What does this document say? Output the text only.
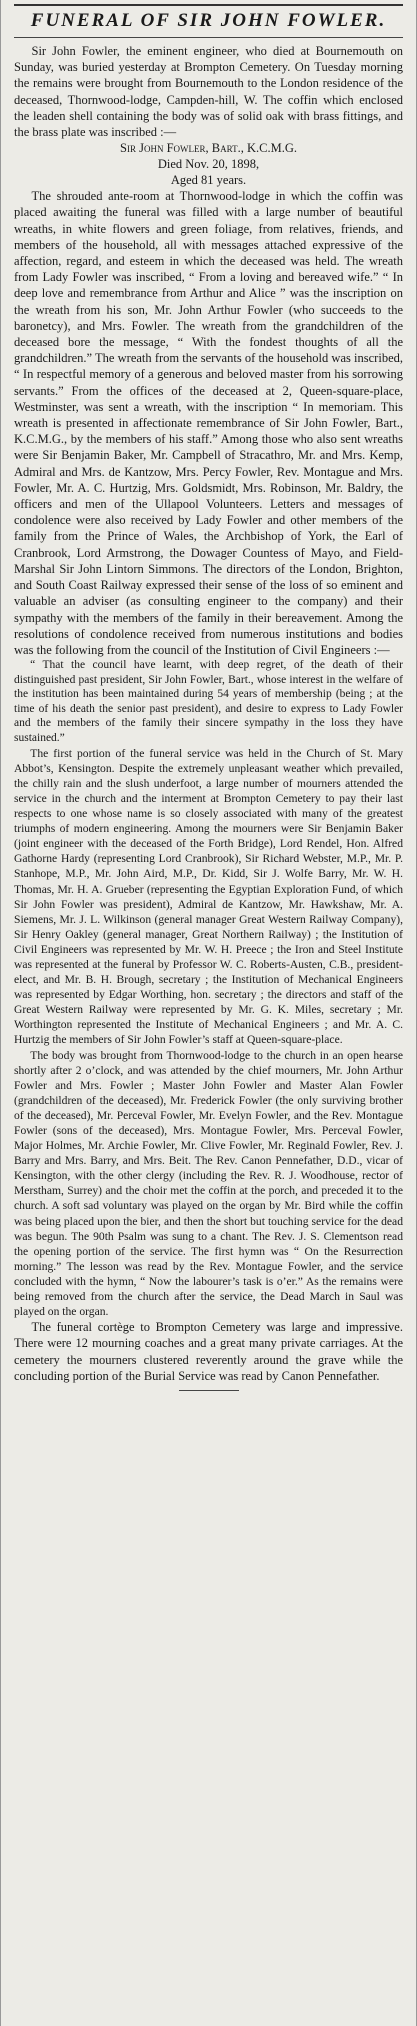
FUNERAL OF SIR JOHN FOWLER.

Sir John Fowler, the eminent engineer, who died at Bournemouth on Sunday, was buried yesterday at Brompton Cemetery. On Tuesday morning the remains were brought from Bournemouth to the London residence of the deceased, Thornwood-lodge, Campden-hill, W. The coffin which enclosed the leaden shell containing the body was of solid oak with brass fittings, and the brass plate was inscribed :—

Sir John Fowler, Bart., K.C.M.G.
Died Nov. 20, 1898,
Aged 81 years.

The shrouded ante-room at Thornwood-lodge in which the coffin was placed awaiting the funeral was filled with a large number of beautiful wreaths, in white flowers and green foliage, from relatives, friends, and members of the household, all with messages attached expressive of the affection, regard, and esteem in which the deceased was held. The wreath from Lady Fowler was inscribed, “ From a loving and bereaved wife.” “ In deep love and remembrance from Arthur and Alice ” was the inscription on the wreath from his son, Mr. John Arthur Fowler (who succeeds to the baronetcy), and Mrs. Fowler. The wreath from the grandchildren of the deceased bore the message, “ With the fondest thoughts of all the grandchildren.” The wreath from the servants of the household was inscribed, “ In respectful memory of a generous and beloved master from his sorrowing servants.” From the offices of the deceased at 2, Queen-square-place, Westminster, was sent a wreath, with the inscription “ In memoriam. This wreath is presented in affectionate remembrance of Sir John Fowler, Bart., K.C.M.G., by the members of his staff.” Among those who also sent wreaths were Sir Benjamin Baker, Mr. Campbell of Stracathro, Mr. and Mrs. Kemp, Admiral and Mrs. de Kantzow, Mrs. Percy Fowler, Rev. Montague and Mrs. Fowler, Mr. A. C. Hurtzig, Mrs. Goldsmidt, Mrs. Robinson, Mr. Baldry, the officers and men of the Ullapool Volunteers. Letters and messages of condolence were also received by Lady Fowler and other members of the family from the Prince of Wales, the Archbishop of York, the Earl of Cranbrook, Lord Armstrong, the Dowager Countess of Mayo, and Field-Marshal Sir John Lintorn Simmons. The directors of the London, Brighton, and South Coast Railway expressed their sense of the loss of so eminent and valuable an adviser (as consulting engineer to the company) and their sympathy with the members of the family in their bereavement. Among the resolutions of condolence received from numerous institutions and bodies was the following from the council of the Institution of Civil Engineers :—

“ That the council have learnt, with deep regret, of the death of their distinguished past president, Sir John Fowler, Bart., whose interest in the welfare of the institution has been maintained during 54 years of membership (being ; at the time of his death the senior past president), and desire to express to Lady Fowler and the members of the family their sincere sympathy in the loss they have sustained.”

The first portion of the funeral service was held in the Church of St. Mary Abbot’s, Kensington. Despite the extremely unpleasant weather which prevailed, the chilly rain and the slush underfoot, a large number of mourners attended the service in the church and the interment at Brompton Cemetery to pay their last respects to one whose name is so closely associated with many of the greatest triumphs of modern engineering. Among the mourners were Sir Benjamin Baker (joint engineer with the deceased of the Forth Bridge), Lord Rendel, Hon. Alfred Gathorne Hardy (representing Lord Cranbrook), Sir Richard Webster, M.P., Mr. P. Stanhope, M.P., Mr. John Aird, M.P., Dr. Kidd, Sir J. Wolfe Barry, Mr. W. H. Thomas, Mr. H. A. Grueber (representing the Egyptian Exploration Fund, of which Sir John Fowler was president), Admiral de Kantzow, Mr. Hawkshaw, Mr. A. Siemens, Mr. J. L. Wilkinson (general manager Great Western Railway Company), Sir Henry Oakley (general manager, Great Northern Railway) ; the Institution of Civil Engineers was represented by Mr. W. H. Preece ; the Iron and Steel Institute was represented at the funeral by Professor W. C. Roberts-Austen, C.B., president-elect, and Mr. B. H. Brough, secretary ; the Institution of Mechanical Engineers was represented by Edgar Worthing, hon. secretary ; the directors and staff of the Great Western Railway were represented by Mr. G. K. Miles, secretary ; Mr. Worthington represented the Institute of Mechanical Engineers ; and Mr. A. C. Hurtzig the members of Sir John Fowler’s staff at Queen-square-place.

The body was brought from Thornwood-lodge to the church in an open hearse shortly after 2 o’clock, and was attended by the chief mourners, Mr. John Arthur Fowler and Mrs. Fowler ; Master John Fowler and Master Alan Fowler (grandchildren of the deceased), Mr. Frederick Fowler (the only surviving brother of the deceased), Mr. Perceval Fowler, Mr. Evelyn Fowler, and the Rev. Montague Fowler (sons of the deceased), Mrs. Montague Fowler, Mrs. Perceval Fowler, Major Holmes, Mr. Archie Fowler, Mr. Clive Fowler, Mr. Reginald Fowler, Rev. J. Barry and Mrs. Barry, and Mrs. Beit. The Rev. Canon Pennefather, D.D., vicar of Kensington, with the other clergy (including the Rev. R. J. Woodhouse, rector of Merstham, Surrey) and the choir met the coffin at the porch, and preceded it to the church. A soft sad voluntary was played on the organ by Mr. Bird while the coffin was being placed upon the bier, and then the short but touching service for the dead was begun. The 90th Psalm was sung to a chant. The Rev. J. S. Clementson read the opening portion of the service. The first hymn was “ On the Resurrection morning.” The lesson was read by the Rev. Montague Fowler, and the service concluded with the hymn, “ Now the labourer’s task is o’er.” As the remains were being removed from the church after the service, the Dead March in Saul was played on the organ.

The funeral cortège to Brompton Cemetery was large and impressive. There were 12 mourning coaches and a great many private carriages. At the cemetery the mourners clustered reverently around the grave while the concluding portion of the Burial Service was read by Canon Pennefather.
